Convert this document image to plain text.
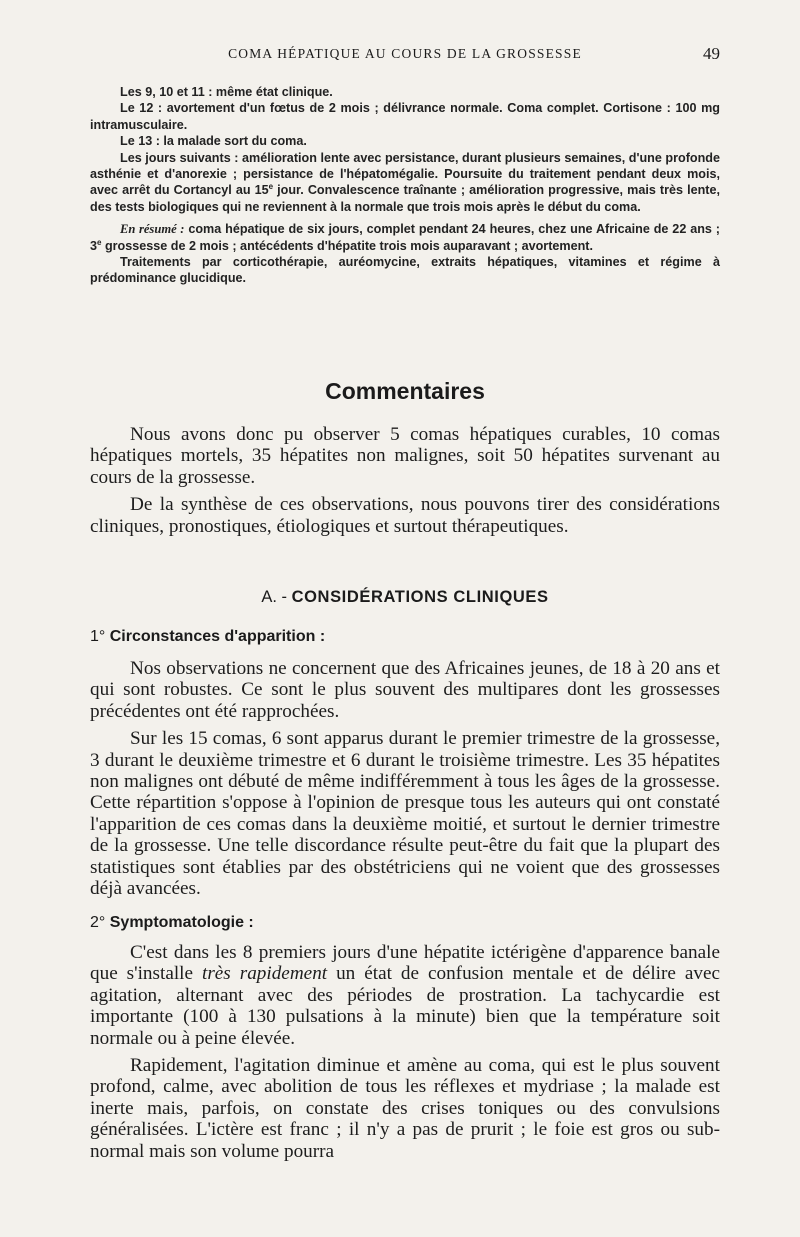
COMA HÉPATIQUE AU COURS DE LA GROSSESSE	49

Les 9, 10 et 11 : même état clinique.

Le 12 : avortement d'un fœtus de 2 mois ; délivrance normale. Coma complet. Cortisone : 100 mg intramusculaire.

Le 13 : la malade sort du coma.

Les jours suivants : amélioration lente avec persistance, durant plusieurs semaines, d'une profonde asthénie et d'anorexie ; persistance de l'hépatomégalie. Poursuite du traitement pendant deux mois, avec arrêt du Cortancyl au 15e jour. Convalescence traînante ; amélioration progressive, mais très lente, des tests biologiques qui ne reviennent à la normale que trois mois après le début du coma.

En résumé : coma hépatique de six jours, complet pendant 24 heures, chez une Africaine de 22 ans ; 3e grossesse de 2 mois ; antécédents d'hépatite trois mois auparavant ; avortement.

Traitements par corticothérapie, auréomycine, extraits hépatiques, vitamines et régime à prédominance glucidique.

Commentaires

Nous avons donc pu observer 5 comas hépatiques curables, 10 comas hépatiques mortels, 35 hépatites non malignes, soit 50 hépatites survenant au cours de la grossesse.

De la synthèse de ces observations, nous pouvons tirer des considérations cliniques, pronostiques, étiologiques et surtout thérapeutiques.

A. - CONSIDÉRATIONS CLINIQUES
1° Circonstances d'apparition :

Nos observations ne concernent que des Africaines jeunes, de 18 à 20 ans et qui sont robustes. Ce sont le plus souvent des multipares dont les grossesses précédentes ont été rapprochées.

Sur les 15 comas, 6 sont apparus durant le premier trimestre de la grossesse, 3 durant le deuxième trimestre et 6 durant le troisième trimestre. Les 35 hépatites non malignes ont débuté de même indifféremment à tous les âges de la grossesse. Cette répartition s'oppose à l'opinion de presque tous les auteurs qui ont constaté l'apparition de ces comas dans la deuxième moitié, et surtout le dernier trimestre de la grossesse. Une telle discordance résulte peut-être du fait que la plupart des statistiques sont établies par des obstétriciens qui ne voient que des grossesses déjà avancées.

2° Symptomatologie :

C'est dans les 8 premiers jours d'une hépatite ictérigène d'apparence banale que s'installe très rapidement un état de confusion mentale et de délire avec agitation, alternant avec des périodes de prostration. La tachycardie est importante (100 à 130 pulsations à la minute) bien que la température soit normale ou à peine élevée.

Rapidement, l'agitation diminue et amène au coma, qui est le plus souvent profond, calme, avec abolition de tous les réflexes et mydriase ; la malade est inerte mais, parfois, on constate des crises toniques ou des convulsions généralisées. L'ictère est franc ; il n'y a pas de prurit ; le foie est gros ou sub-normal mais son volume pourra
